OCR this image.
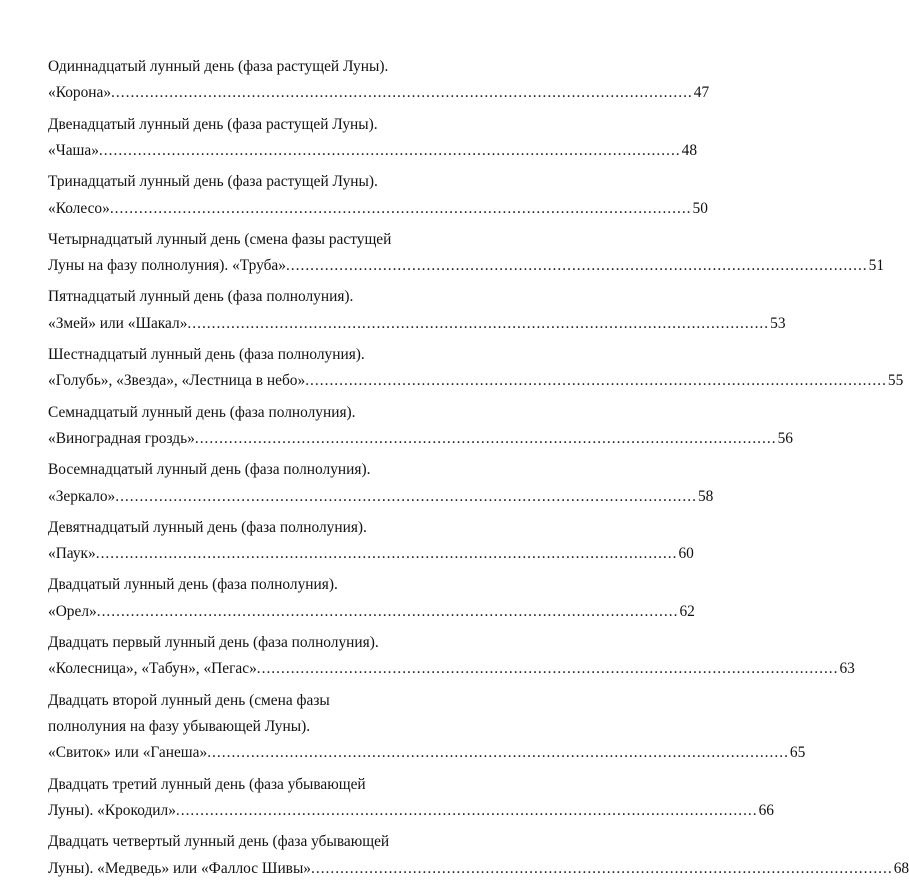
Одиннадцатый лунный день (фаза растущей Луны).
«Корона» ........................................................................................................................ 47
Двенадцатый лунный день (фаза растущей Луны).
«Чаша» ........................................................................................................................ 48
Тринадцатый лунный день (фаза растущей Луны).
«Колесо» ........................................................................................................................ 50
Четырнадцатый лунный день (смена фазы растущей
Луны на фазу полнолуния). «Труба» ........................................................................................................................ 51
Пятнадцатый лунный день (фаза полнолуния).
«Змей» или «Шакал» ........................................................................................................................ 53
Шестнадцатый лунный день (фаза полнолуния).
«Голубь», «Звезда», «Лестница в небо» ........................................................................................................................ 55
Семнадцатый лунный день (фаза полнолуния).
«Виноградная гроздь» ........................................................................................................................ 56
Восемнадцатый лунный день (фаза полнолуния).
«Зеркало» ........................................................................................................................ 58
Девятнадцатый лунный день (фаза полнолуния).
«Паук» ........................................................................................................................ 60
Двадцатый лунный день (фаза полнолуния).
«Орел» ........................................................................................................................ 62
Двадцать первый лунный день (фаза полнолуния).
«Колесница», «Табун», «Пегас» ........................................................................................................................ 63
Двадцать второй лунный день (смена фазы
полнолуния на фазу убывающей Луны).
«Свиток» или «Ганеша» ........................................................................................................................ 65
Двадцать третий лунный день (фаза убывающей
Луны). «Крокодил» ........................................................................................................................ 66
Двадцать четвертый лунный день (фаза убывающей
Луны). «Медведь» или «Фаллос Шивы» ........................................................................................................................ 68
